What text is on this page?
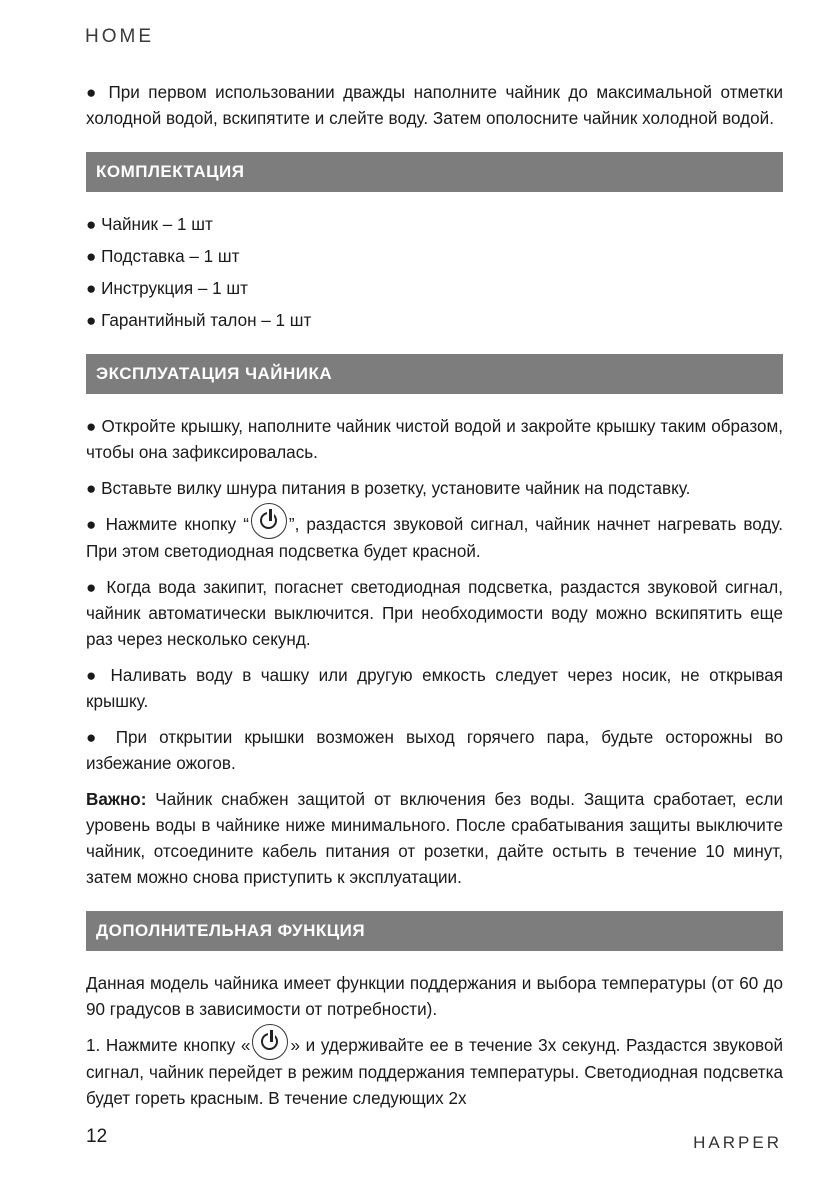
HOME

● При первом использовании дважды наполните чайник до максимальной отметки холодной водой, вскипятите и слейте воду. Затем ополосните чайник холодной водой.

КОМПЛЕКТАЦИЯ
● Чайник – 1 шт
● Подставка – 1 шт
● Инструкция – 1 шт
● Гарантийный талон – 1 шт
ЭКСПЛУАТАЦИЯ ЧАЙНИКА

● Откройте крышку, наполните чайник чистой водой и закройте крышку таким образом, чтобы она зафиксировалась.

● Вставьте вилку шнура питания в розетку, установите чайник на подставку.

● Нажмите кнопку “ ”, раздастся звуковой сигнал, чайник начнет нагревать воду. При этом светодиодная подсветка будет красной.

● Когда вода закипит, погаснет светодиодная подсветка, раздастся звуковой сигнал, чайник автоматически выключится. При необходимости воду можно вскипятить еще раз через несколько секунд.

● Наливать воду в чашку или другую емкость следует через носик, не открывая крышку.

● При открытии крышки возможен выход горячего пара, будьте осторожны во избежание ожогов.

Важно: Чайник снабжен защитой от включения без воды. Защита сработает, если уровень воды в чайнике ниже минимального. После срабатывания защиты выключите чайник, отсоедините кабель питания от розетки, дайте остыть в течение 10 минут, затем можно снова приступить к эксплуатации.

ДОПОЛНИТЕЛЬНАЯ ФУНКЦИЯ

Данная модель чайника имеет функции поддержания и выбора температуры (от 60 до 90 градусов в зависимости от потребности).

1. Нажмите кнопку « » и удерживайте ее в течение 3х секунд. Раздастся звуковой сигнал, чайник перейдет в режим поддержания температуры. Светодиодная подсветка будет гореть красным. В течение следующих 2х

12	HARPER
